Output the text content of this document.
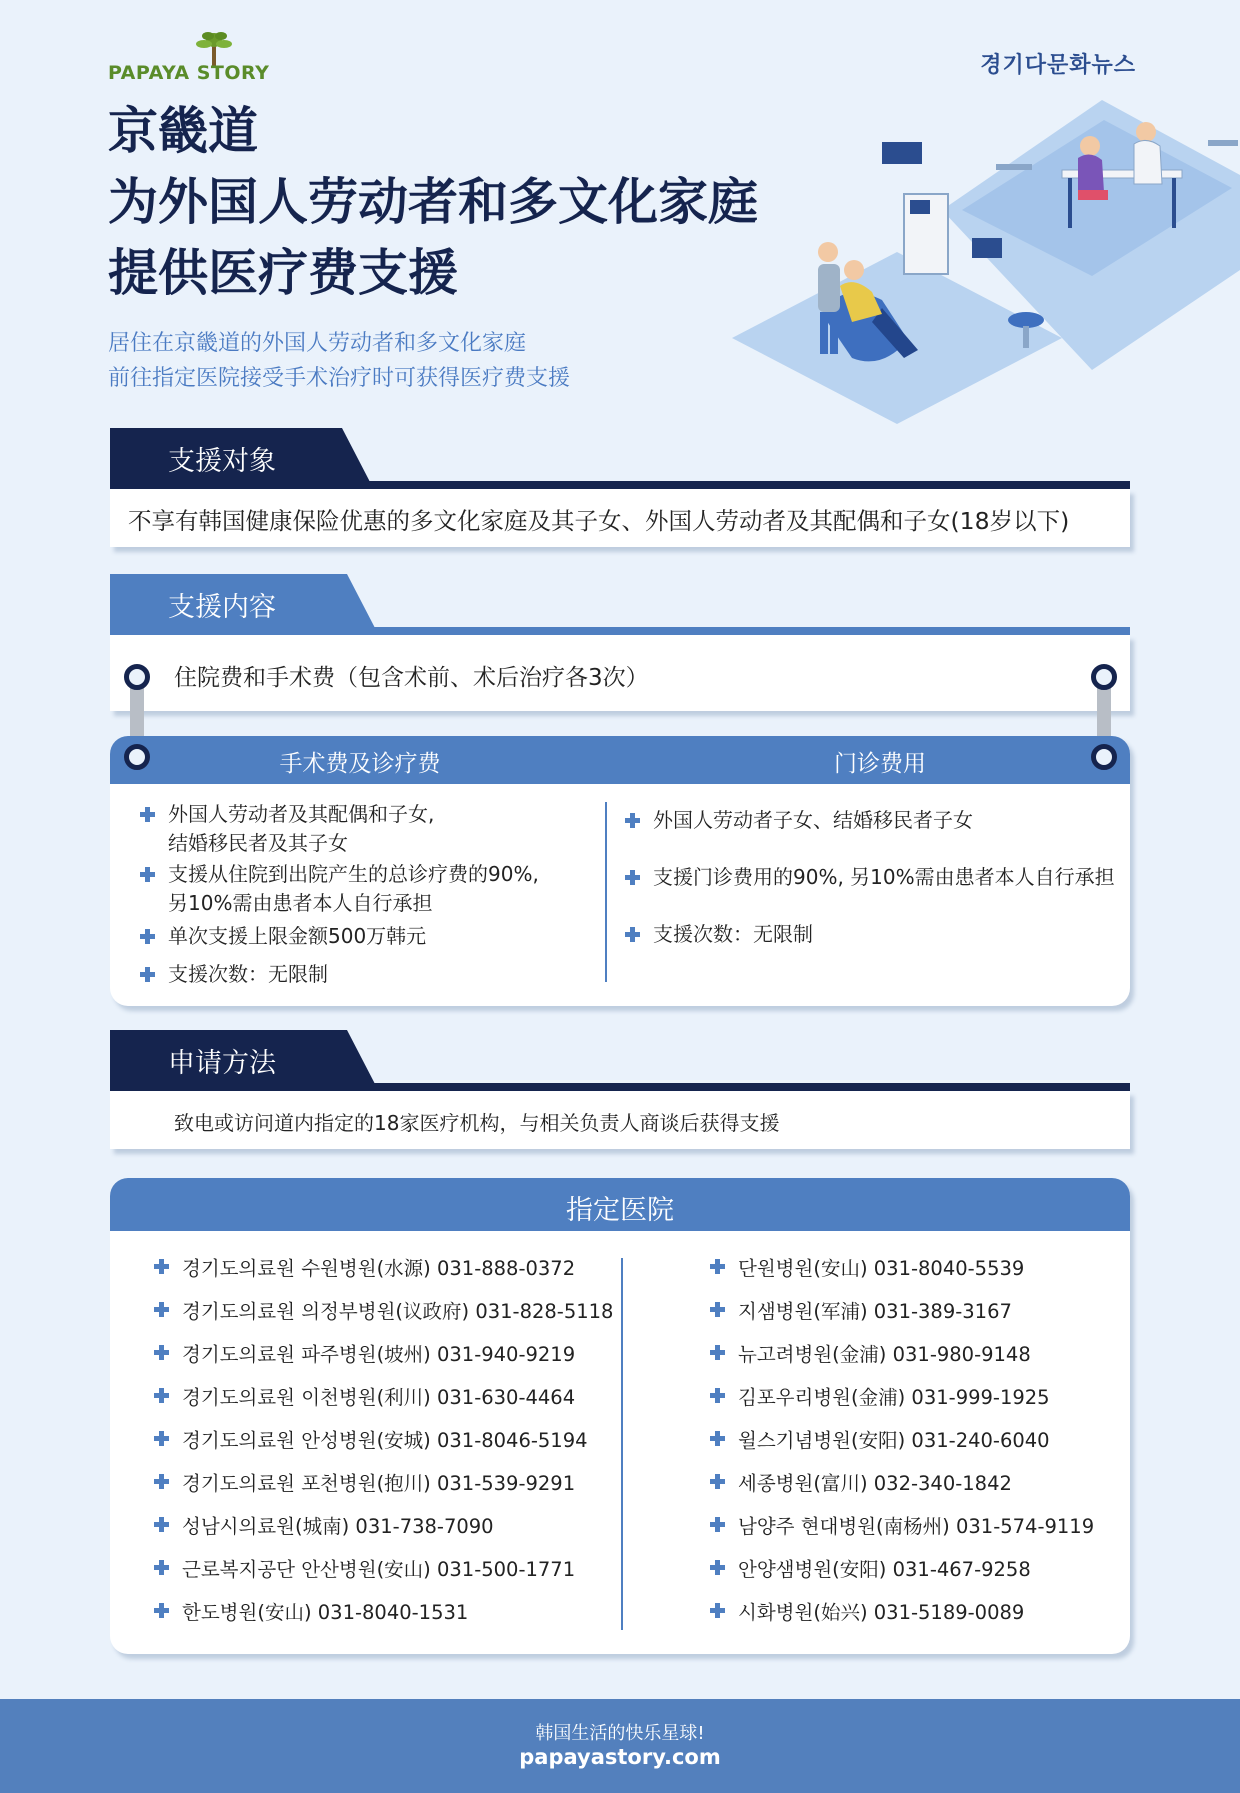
PAPAYA STORY	경기다문화뉴스
京畿道
为外国人劳动者和多文化家庭
提供医疗费支援
居住在京畿道的外国人劳动者和多文化家庭
前往指定医院接受手术治疗时可获得医疗费支援
支援对象
不享有韩国健康保险优惠的多文化家庭及其子女、外国人劳动者及其配偶和子女(18岁以下)
支援内容
住院费和手术费（包含术前、术后治疗各3次）
手术费及诊疗费	门诊费用
外国人劳动者及其配偶和子女,
结婚移民者及其子女
支援从住院到出院产生的总诊疗费的90%,
另10%需由患者本人自行承担
单次支援上限金额500万韩元
支援次数：无限制
外国人劳动者子女、结婚移民者子女
支援门诊费用的90%, 另10%需由患者本人自行承担
支援次数：无限制
申请方法
致电或访问道内指定的18家医疗机构，与相关负责人商谈后获得支援
指定医院
경기도의료원 수원병원(水源) 031-888-0372
경기도의료원 의정부병원(议政府) 031-828-5118
경기도의료원 파주병원(坡州) 031-940-9219
경기도의료원 이천병원(利川) 031-630-4464
경기도의료원 안성병원(安城) 031-8046-5194
경기도의료원 포천병원(抱川) 031-539-9291
성남시의료원(城南) 031-738-7090
근로복지공단 안산병원(安山) 031-500-1771
한도병원(安山) 031-8040-1531
단원병원(安山) 031-8040-5539
지샘병원(军浦) 031-389-3167
뉴고려병원(金浦) 031-980-9148
김포우리병원(金浦) 031-999-1925
윌스기념병원(安阳) 031-240-6040
세종병원(富川) 032-340-1842
남양주 현대병원(南杨州) 031-574-9119
안양샘병원(安阳) 031-467-9258
시화병원(始兴) 031-5189-0089
韩国生活的快乐星球!
papayastory.com
